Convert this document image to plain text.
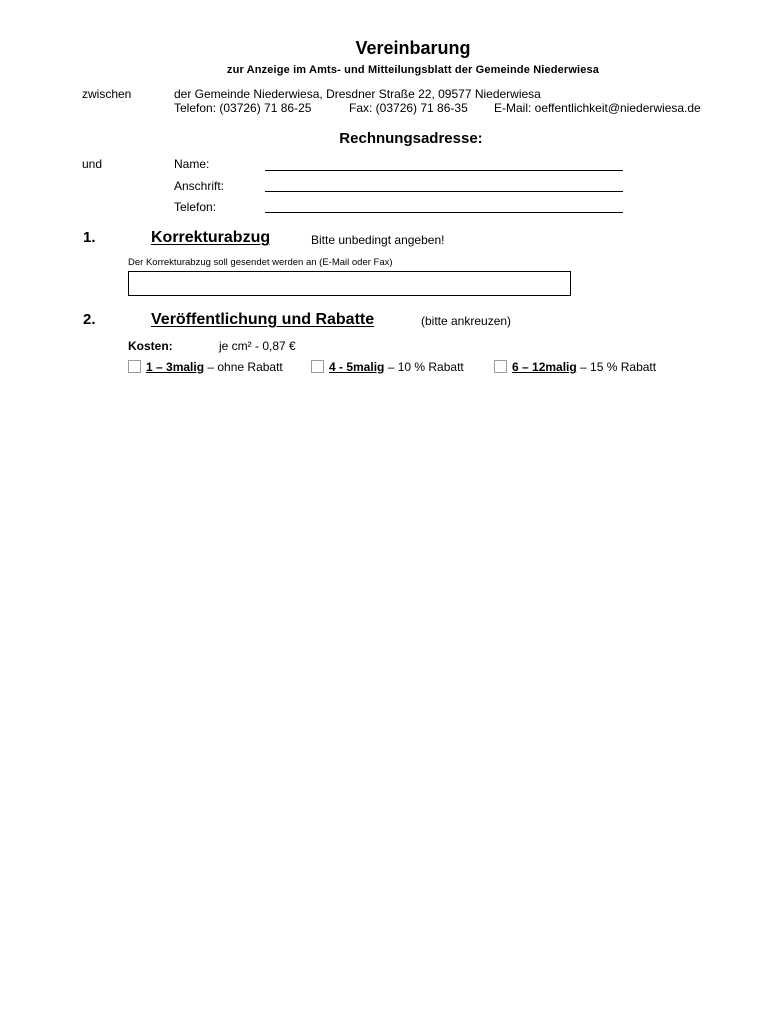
Vereinbarung
zur Anzeige im Amts- und Mitteilungsblatt der Gemeinde Niederwiesa
zwischen	der Gemeinde Niederwiesa, Dresdner Straße 22, 09577 Niederwiesa
Telefon: (03726) 71 86-25	Fax: (03726) 71 86-35 E-Mail: oeffentlichkeit@niederwiesa.de
Rechnungsadresse:
und	Name:
Anschrift:
Telefon:
1.	Korrekturabzug	Bitte unbedingt angeben!
Der Korrekturabzug soll gesendet werden an (E-Mail oder Fax)
2.	Veröffentlichung und Rabatte	(bitte ankreuzen)
Kosten:	je cm² - 0,87 €
1 – 3malig – ohne Rabatt	4 - 5malig – 10 % Rabatt	6 – 12malig – 15 % Rabatt
